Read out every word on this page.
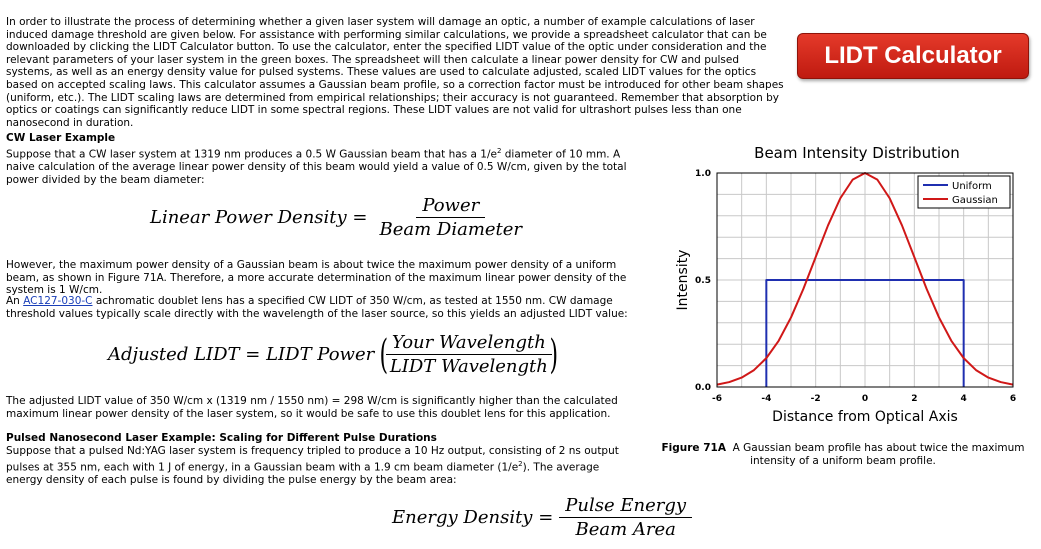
In order to illustrate the process of determining whether a given laser system will damage an optic, a number of example calculations of laser induced damage threshold are given below. For assistance with performing similar calculations, we provide a spreadsheet calculator that can be downloaded by clicking the LIDT Calculator button. To use the calculator, enter the specified LIDT value of the optic under consideration and the relevant parameters of your laser system in the green boxes. The spreadsheet will then calculate a linear power density for CW and pulsed systems, as well as an energy density value for pulsed systems. These values are used to calculate adjusted, scaled LIDT values for the optics based on accepted scaling laws. This calculator assumes a Gaussian beam profile, so a correction factor must be introduced for other beam shapes (uniform, etc.). The LIDT scaling laws are determined from empirical relationships; their accuracy is not guaranteed. Remember that absorption by optics or coatings can significantly reduce LIDT in some spectral regions. These LIDT values are not valid for ultrashort pulses less than one nanosecond in duration.

LIDT Calculator
CW Laser Example

Suppose that a CW laser system at 1319 nm produces a 0.5 W Gaussian beam that has a $1/e^2$ diameter of 10 mm. A naive calculation of the average linear power density of this beam would yield a value of 0.5 W/cm, given by the total power divided by the beam diameter:

Linear Power Density = $\frac{\text{Power}}{\text{Beam Diameter}}$

However, the maximum power density of a Gaussian beam is about twice the maximum power density of a uniform beam, as shown in Figure 71A. Therefore, a more accurate determination of the maximum linear power density of the system is 1 W/cm.

An AC127-030-C achromatic doublet lens has a specified CW LIDT of 350 W/cm, as tested at 1550 nm. CW damage threshold values typically scale directly with the wavelength of the laser source, so this yields an adjusted LIDT value:

Adjusted LIDT = LIDT Power (
$\frac{\text{Your Wavelength}}{\text{LIDT Wavelength}}$
)

The adjusted LIDT value of 350 W/cm x (1319 nm / 1550 nm) = 298 W/cm is significantly higher than the calculated maximum linear power density of the laser system, so it would be safe to use this doublet lens for this application.

Pulsed Nanosecond Laser Example: Scaling for Different Pulse Durations

Suppose that a pulsed Nd:YAG laser system is frequency tripled to produce a 10 Hz output, consisting of 2 ns output pulses at 355 nm, each with 1 J of energy, in a Gaussian beam with a 1.9 cm beam diameter $(1/e^2)$. The average energy density of each pulse is found by dividing the pulse energy by the beam area:

Energy Density = $\frac{\text{Pulse Energy}}{\text{Beam Area}}$
Beam Intensity Distribution
-6	-4	-2	0	2	4	6
0.0
0.5
1.0
Uniform
Gaussian
Distance from Optical Axis
Intensity
Figure 71A A Gaussian beam profile has about twice the maximum intensity of a uniform beam profile.
